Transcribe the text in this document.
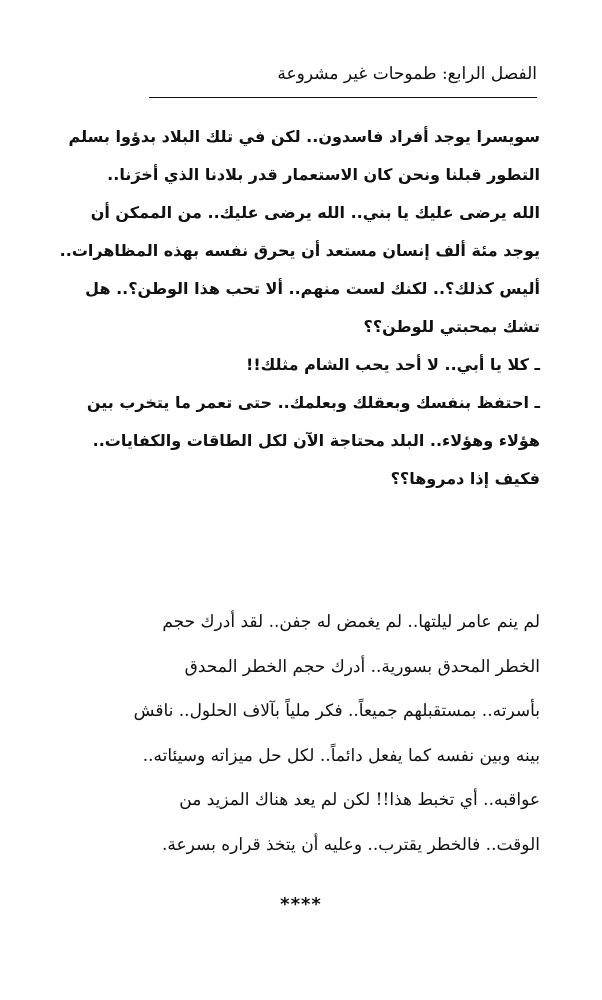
الفصل الرابع: طموحات غير مشروعة
سويسرا يوجد أفراد فاسدون.. لكن في تلك البلاد بدؤوا بسلم
التطور قبلنا ونحن كان الاستعمار قدر بلادنا الذي أخرَنا..
الله يرضى عليك يا بني.. الله يرضى عليك.. من الممكن أن
يوجد مئة ألف إنسان مستعد أن يحرق نفسه بهذه المظاهرات..
أليس كذلك؟.. لكنك لست منهم.. ألا تحب هذا الوطن؟.. هل
تشك بمحبتي للوطن؟؟
ـ كلا يا أبي.. لا أحد يحب الشام مثلك!!
ـ احتفظ بنفسك وبعقلك وبعلمك.. حتى تعمر ما يتخرب بين
هؤلاء وهؤلاء.. البلد محتاجة الآن لكل الطاقات والكفايات..
فكيف إذا دمروها؟؟
لم ينم عامر ليلتها.. لم يغمض له جفن.. لقد أدرك حجم
الخطر المحدق بسورية.. أدرك حجم الخطر المحدق
بأسرته.. بمستقبلهم جميعاً.. فكر ملياً بآلاف الحلول.. ناقش
بينه وبين نفسه كما يفعل دائماً.. لكل حل ميزاته وسيئاته..
عواقبه.. أي تخبط هذا!! لكن لم يعد هناك المزيد من
الوقت.. فالخطر يقترب.. وعليه أن يتخذ قراره بسرعة.
****
